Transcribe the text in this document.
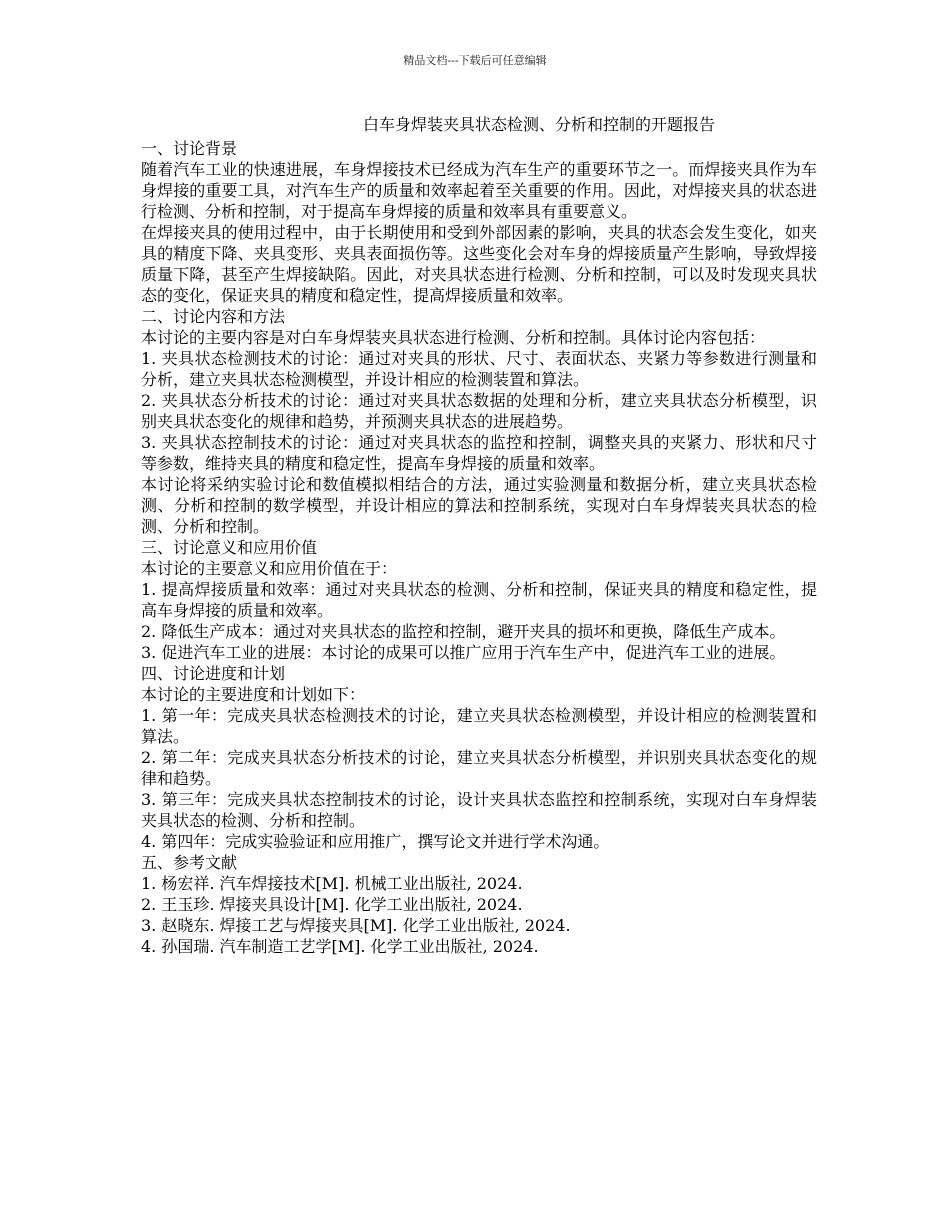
精品文档---下载后可任意编辑
白车身焊装夹具状态检测、分析和控制的开题报告
一、讨论背景

随着汽车工业的快速进展，车身焊接技术已经成为汽车生产的重要环节之一。而焊接夹具作为车身焊接的重要工具，对汽车生产的质量和效率起着至关重要的作用。因此，对焊接夹具的状态进行检测、分析和控制，对于提高车身焊接的质量和效率具有重要意义。

在焊接夹具的使用过程中，由于长期使用和受到外部因素的影响，夹具的状态会发生变化，如夹具的精度下降、夹具变形、夹具表面损伤等。这些变化会对车身的焊接质量产生影响，导致焊接质量下降，甚至产生焊接缺陷。因此，对夹具状态进行检测、分析和控制，可以及时发现夹具状态的变化，保证夹具的精度和稳定性，提高焊接质量和效率。

二、讨论内容和方法

本讨论的主要内容是对白车身焊装夹具状态进行检测、分析和控制。具体讨论内容包括：

1. 夹具状态检测技术的讨论：通过对夹具的形状、尺寸、表面状态、夹紧力等参数进行测量和分析，建立夹具状态检测模型，并设计相应的检测装置和算法。

2. 夹具状态分析技术的讨论：通过对夹具状态数据的处理和分析，建立夹具状态分析模型，识别夹具状态变化的规律和趋势，并预测夹具状态的进展趋势。

3. 夹具状态控制技术的讨论：通过对夹具状态的监控和控制，调整夹具的夹紧力、形状和尺寸等参数，维持夹具的精度和稳定性，提高车身焊接的质量和效率。

本讨论将采纳实验讨论和数值模拟相结合的方法，通过实验测量和数据分析，建立夹具状态检测、分析和控制的数学模型，并设计相应的算法和控制系统，实现对白车身焊装夹具状态的检测、分析和控制。

三、讨论意义和应用价值

本讨论的主要意义和应用价值在于：

1. 提高焊接质量和效率：通过对夹具状态的检测、分析和控制，保证夹具的精度和稳定性，提高车身焊接的质量和效率。

2. 降低生产成本：通过对夹具状态的监控和控制，避开夹具的损坏和更换，降低生产成本。

3. 促进汽车工业的进展：本讨论的成果可以推广应用于汽车生产中，促进汽车工业的进展。

四、讨论进度和计划

本讨论的主要进度和计划如下：

1. 第一年：完成夹具状态检测技术的讨论，建立夹具状态检测模型，并设计相应的检测装置和算法。

2. 第二年：完成夹具状态分析技术的讨论，建立夹具状态分析模型，并识别夹具状态变化的规律和趋势。

3. 第三年：完成夹具状态控制技术的讨论，设计夹具状态监控和控制系统，实现对白车身焊装夹具状态的检测、分析和控制。

4. 第四年：完成实验验证和应用推广，撰写论文并进行学术沟通。

五、参考文献

1. 杨宏祥. 汽车焊接技术[M]. 机械工业出版社, 2024.

2. 王玉珍. 焊接夹具设计[M]. 化学工业出版社, 2024.

3. 赵晓东. 焊接工艺与焊接夹具[M]. 化学工业出版社, 2024.

4. 孙国瑞. 汽车制造工艺学[M]. 化学工业出版社, 2024.
